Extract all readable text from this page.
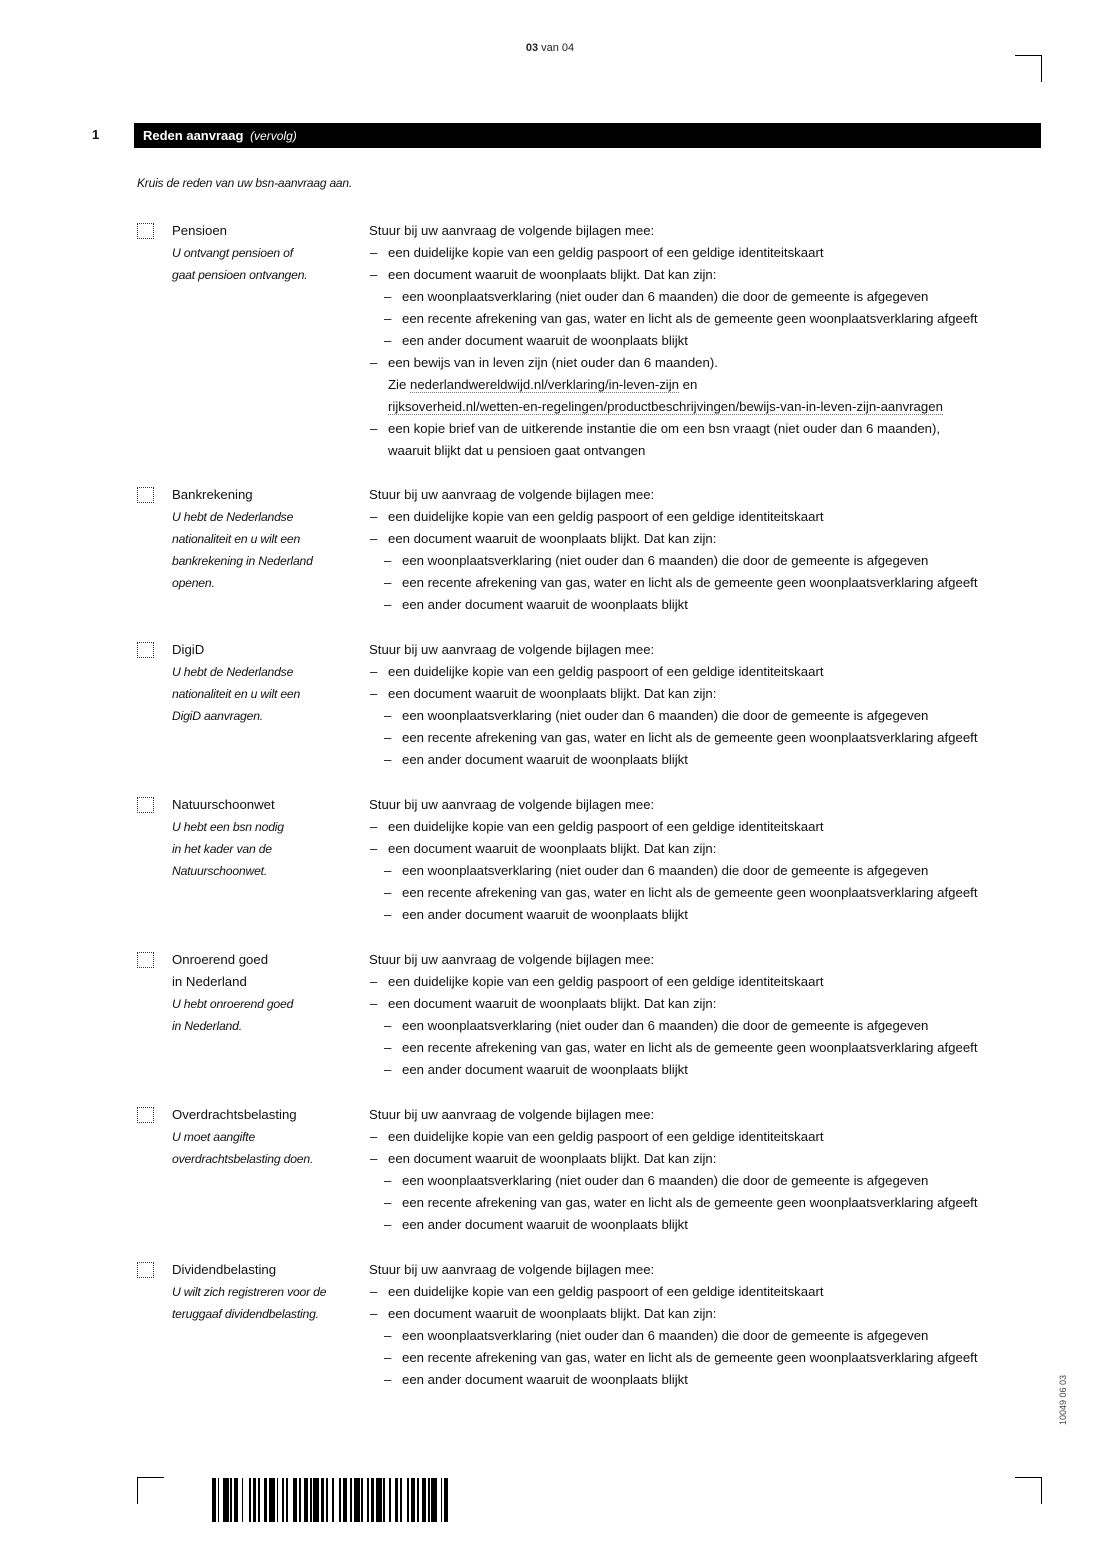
03 van 04
1	Reden aanvraag (vervolg)
Kruis de reden van uw bsn-aanvraag aan.
Pensioen
U ontvangt pensioen of
gaat pensioen ontvangen.
Stuur bij uw aanvraag de volgende bijlagen mee:
– een duidelijke kopie van een geldig paspoort of een geldige identiteitskaart
– een document waaruit de woonplaats blijkt. Dat kan zijn:
– een woonplaatsverklaring (niet ouder dan 6 maanden) die door de gemeente is afgegeven
– een recente afrekening van gas, water en licht als de gemeente geen woonplaatsverklaring afgeeft
– een ander document waaruit de woonplaats blijkt
– een bewijs van in leven zijn (niet ouder dan 6 maanden).
Zie nederlandwereldwijd.nl/verklaring/in-leven-zijn en
rijksoverheid.nl/wetten-en-regelingen/productbeschrijvingen/bewijs-van-in-leven-zijn-aanvragen
– een kopie brief van de uitkerende instantie die om een bsn vraagt (niet ouder dan 6 maanden),
waaruit blijkt dat u pensioen gaat ontvangen
Bankrekening
U hebt de Nederlandse
nationaliteit en u wilt een
bankrekening in Nederland
openen.
Stuur bij uw aanvraag de volgende bijlagen mee:
– een duidelijke kopie van een geldig paspoort of een geldige identiteitskaart
– een document waaruit de woonplaats blijkt. Dat kan zijn:
– een woonplaatsverklaring (niet ouder dan 6 maanden) die door de gemeente is afgegeven
– een recente afrekening van gas, water en licht als de gemeente geen woonplaatsverklaring afgeeft
– een ander document waaruit de woonplaats blijkt
DigiD
U hebt de Nederlandse
nationaliteit en u wilt een
DigiD aanvragen.
Stuur bij uw aanvraag de volgende bijlagen mee:
– een duidelijke kopie van een geldig paspoort of een geldige identiteitskaart
– een document waaruit de woonplaats blijkt. Dat kan zijn:
– een woonplaatsverklaring (niet ouder dan 6 maanden) die door de gemeente is afgegeven
– een recente afrekening van gas, water en licht als de gemeente geen woonplaatsverklaring afgeeft
– een ander document waaruit de woonplaats blijkt
Natuurschoonwet
U hebt een bsn nodig
in het kader van de
Natuurschoonwet.
Stuur bij uw aanvraag de volgende bijlagen mee:
– een duidelijke kopie van een geldig paspoort of een geldige identiteitskaart
– een document waaruit de woonplaats blijkt. Dat kan zijn:
– een woonplaatsverklaring (niet ouder dan 6 maanden) die door de gemeente is afgegeven
– een recente afrekening van gas, water en licht als de gemeente geen woonplaatsverklaring afgeeft
– een ander document waaruit de woonplaats blijkt
Onroerend goed
in Nederland
U hebt onroerend goed
in Nederland.
Stuur bij uw aanvraag de volgende bijlagen mee:
– een duidelijke kopie van een geldig paspoort of een geldige identiteitskaart
– een document waaruit de woonplaats blijkt. Dat kan zijn:
– een woonplaatsverklaring (niet ouder dan 6 maanden) die door de gemeente is afgegeven
– een recente afrekening van gas, water en licht als de gemeente geen woonplaatsverklaring afgeeft
– een ander document waaruit de woonplaats blijkt
Overdrachtsbelasting
U moet aangifte
overdrachtsbelasting doen.
Stuur bij uw aanvraag de volgende bijlagen mee:
– een duidelijke kopie van een geldig paspoort of een geldige identiteitskaart
– een document waaruit de woonplaats blijkt. Dat kan zijn:
– een woonplaatsverklaring (niet ouder dan 6 maanden) die door de gemeente is afgegeven
– een recente afrekening van gas, water en licht als de gemeente geen woonplaatsverklaring afgeeft
– een ander document waaruit de woonplaats blijkt
Dividendbelasting
U wilt zich registreren voor de
teruggaaf dividendbelasting.
Stuur bij uw aanvraag de volgende bijlagen mee:
– een duidelijke kopie van een geldig paspoort of een geldige identiteitskaart
– een document waaruit de woonplaats blijkt. Dat kan zijn:
– een woonplaatsverklaring (niet ouder dan 6 maanden) die door de gemeente is afgegeven
– een recente afrekening van gas, water en licht als de gemeente geen woonplaatsverklaring afgeeft
– een ander document waaruit de woonplaats blijkt	10049 06 03
